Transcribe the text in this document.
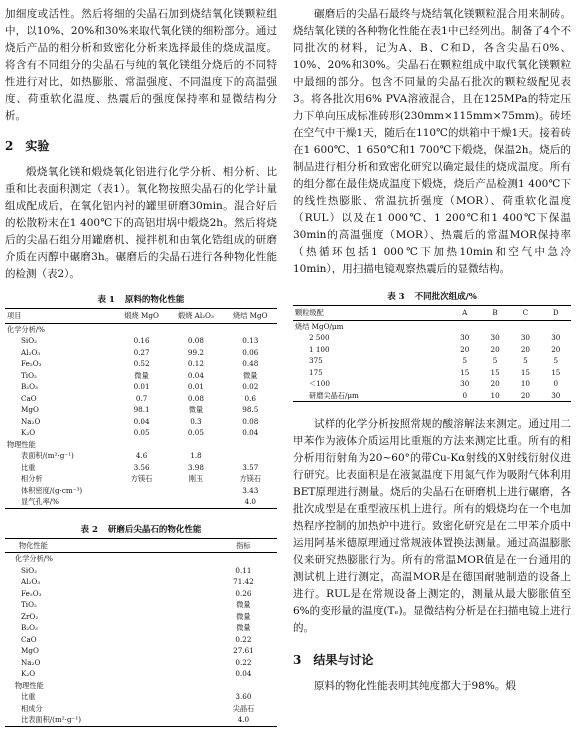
加细度或活性。然后将细的尖晶石加到烧结氧化镁颗粒组中，以10%、20%和30%来取代氧化镁的细粉部分。通过烧后产品的相分析和致密化分析来选择最佳的烧成温度。将含有不同组分的尖晶石与纯的氧化镁组分烧后的不同特性进行对比，如热膨胀、常温强度、不同温度下的高温强度、荷重软化温度、热震后的强度保持率和显微结构分析。

2 实验

煅烧氧化镁和煅烧氧化铝进行化学分析、相分析、比重和比表面积测定（表1）。氧化物按照尖晶石的化学计量组成配成后，在氧化铝内衬的罐里研磨30min。混合好后的松散粉末在1 400℃下的高铝坩埚中煅烧2h。然后将烧后的尖晶石组分用罐磨机、搅拌机和由氧化锆组成的研磨介质在丙醇中碾磨3h。碾磨后的尖晶石进行各种物化性能的检测（表2）。

表 1 原料的物化性能
项目	煅烧 MgO	煅烧 Al₂O₃	烧结 MgO
化学分析/%			
SiO₂	0.16	0.08	0.13
Al₂O₃	0.27	99.2	0.06
Fe₂O₃	0.52	0.12	0.48
TiO₂	微量	0.04	微量
B₂O₃	0.01	0.01	0.02
CaO	0.7	0.08	0.6
MgO	98.1	微量	98.5
Na₂O	0.04	0.3	0.08
K₂O	0.05	0.05	0.04
物理性能			
表面积/(m²·g⁻¹)	4.6	1.8	
比重	3.56	3.98	3.57
相分析	方镁石	刚玉	方镁石
体积密度/(g·cm⁻³)			3.43
显气孔率/%			4.0
表 2 研磨后尖晶石的物化性能
物化性能	指标
化学分析/%	
SiO₂	0.11
Al₂O₃	71.42
Fe₂O₃	0.26
TiO₂	微量
ZrO₂	微量
B₂O₃	微量
CaO	0.22
MgO	27.61
Na₂O	0.22
K₂O	0.04
物理性能	
比重	3.60
相成分	尖晶石
比表面积/(m²·g⁻¹)	4.0

碾磨后的尖晶石最终与烧结氧化镁颗粒混合用来制砖。烧结氧化镁的各种物化性能在表1中已经列出。制备了4个不同批次的材料，记为A、B、C和D，各含尖晶石0%、10%、20%和30%。尖晶石在颗粒组成中取代氧化镁颗粒中最细的部分。包含不同量的尖晶石批次的颗粒级配见表3。将各批次用6% PVA溶液混合，且在125MPa的特定压力下单向压成标准砖形(230mm×115mm×75mm)。砖坯在空气中干燥1天，随后在110℃的烘箱中干燥1天。接着砖在1 600℃、1 650℃和1 700℃下煅烧，保温2h。烧后的制品进行相分析和致密化研究以确定最佳的烧成温度。所有的组分都在最佳烧成温度下煅烧，烧后产品检测1 400℃下的线性热膨胀、常温抗折强度（MOR）、荷重软化温度（RUL）以及在1 000℃、1 200℃和1 400℃下保温30min的高温强度（MOR）、热震后的常温MOR保持率（热循环包括1 000℃下加热10min和空气中急冷10min），用扫描电镜观察热震后的显微结构。

表 3 不同批次组成/%
颗粒级配	A	B	C	D
烧结 MgO/μm				
2 500	30	30	30	30
1 100	20	20	20	20
375	5	5	5	5
175	15	15	15	15
＜100	30	20	10	0
研磨尖晶石/μm	0	10	20	30

试样的化学分析按照常规的酸溶解法来测定。通过用二甲苯作为液体介质运用比重瓶的方法来测定比重。所有的相分析用衍射角为20~60°的带Cu-Kα射线的X射线衍射仪进行研究。比表面积是在液氮温度下用氮气作为吸附气体利用BET原理进行测量。烧后的尖晶石在研磨机上进行碾磨，各批次成型是在重型液压机上进行。所有的煅烧均在一个电加热程序控制的加热炉中进行。致密化研究是在二甲苯介质中运用阿基米德原理通过常规液体置换法测量。通过高温膨胀仪来研究热膨胀行为。所有的常温MOR值是在一台通用的测试机上进行测定，高温MOR是在德国耐驰制造的设备上进行。RUL是在常规设备上测定的，测量从最大膨胀值至6%的变形量的温度(Tₑ)。显微结构分析是在扫描电镜上进行的。

3 结果与讨论

原料的物化性能表明其纯度都大于98%。煅
